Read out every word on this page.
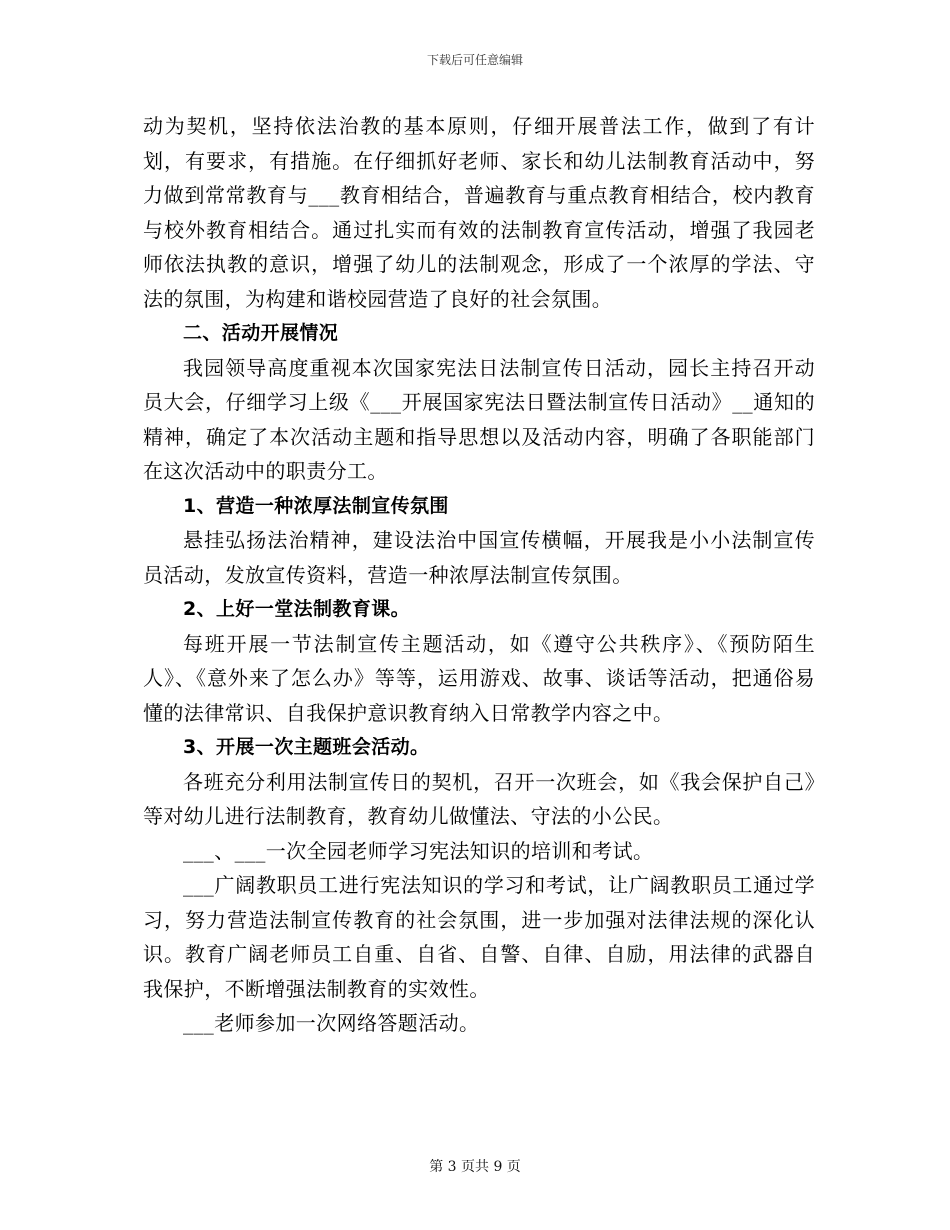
下载后可任意编辑

动为契机，坚持依法治教的基本原则，仔细开展普法工作，做到了有计划，有要求，有措施。在仔细抓好老师、家长和幼儿法制教育活动中，努力做到常常教育与___教育相结合，普遍教育与重点教育相结合，校内教育与校外教育相结合。通过扎实而有效的法制教育宣传活动，增强了我园老师依法执教的意识，增强了幼儿的法制观念，形成了一个浓厚的学法、守法的氛围，为构建和谐校园营造了良好的社会氛围。

二、活动开展情况

我园领导高度重视本次国家宪法日法制宣传日活动，园长主持召开动员大会，仔细学习上级《___开展国家宪法日暨法制宣传日活动》__通知的精神，确定了本次活动主题和指导思想以及活动内容，明确了各职能部门在这次活动中的职责分工。

1、营造一种浓厚法制宣传氛围

悬挂弘扬法治精神，建设法治中国宣传横幅，开展我是小小法制宣传员活动，发放宣传资料，营造一种浓厚法制宣传氛围。

2、上好一堂法制教育课。

每班开展一节法制宣传主题活动，如《遵守公共秩序》、《预防陌生人》、《意外来了怎么办》等等，运用游戏、故事、谈话等活动，把通俗易懂的法律常识、自我保护意识教育纳入日常教学内容之中。

3、开展一次主题班会活动。

各班充分利用法制宣传日的契机，召开一次班会，如《我会保护自己》等对幼儿进行法制教育，教育幼儿做懂法、守法的小公民。

___、___一次全园老师学习宪法知识的培训和考试。

___广阔教职员工进行宪法知识的学习和考试，让广阔教职员工通过学习，努力营造法制宣传教育的社会氛围，进一步加强对法律法规的深化认识。教育广阔老师员工自重、自省、自警、自律、自励，用法律的武器自我保护，不断增强法制教育的实效性。

___老师参加一次网络答题活动。

第 3 页共 9 页
